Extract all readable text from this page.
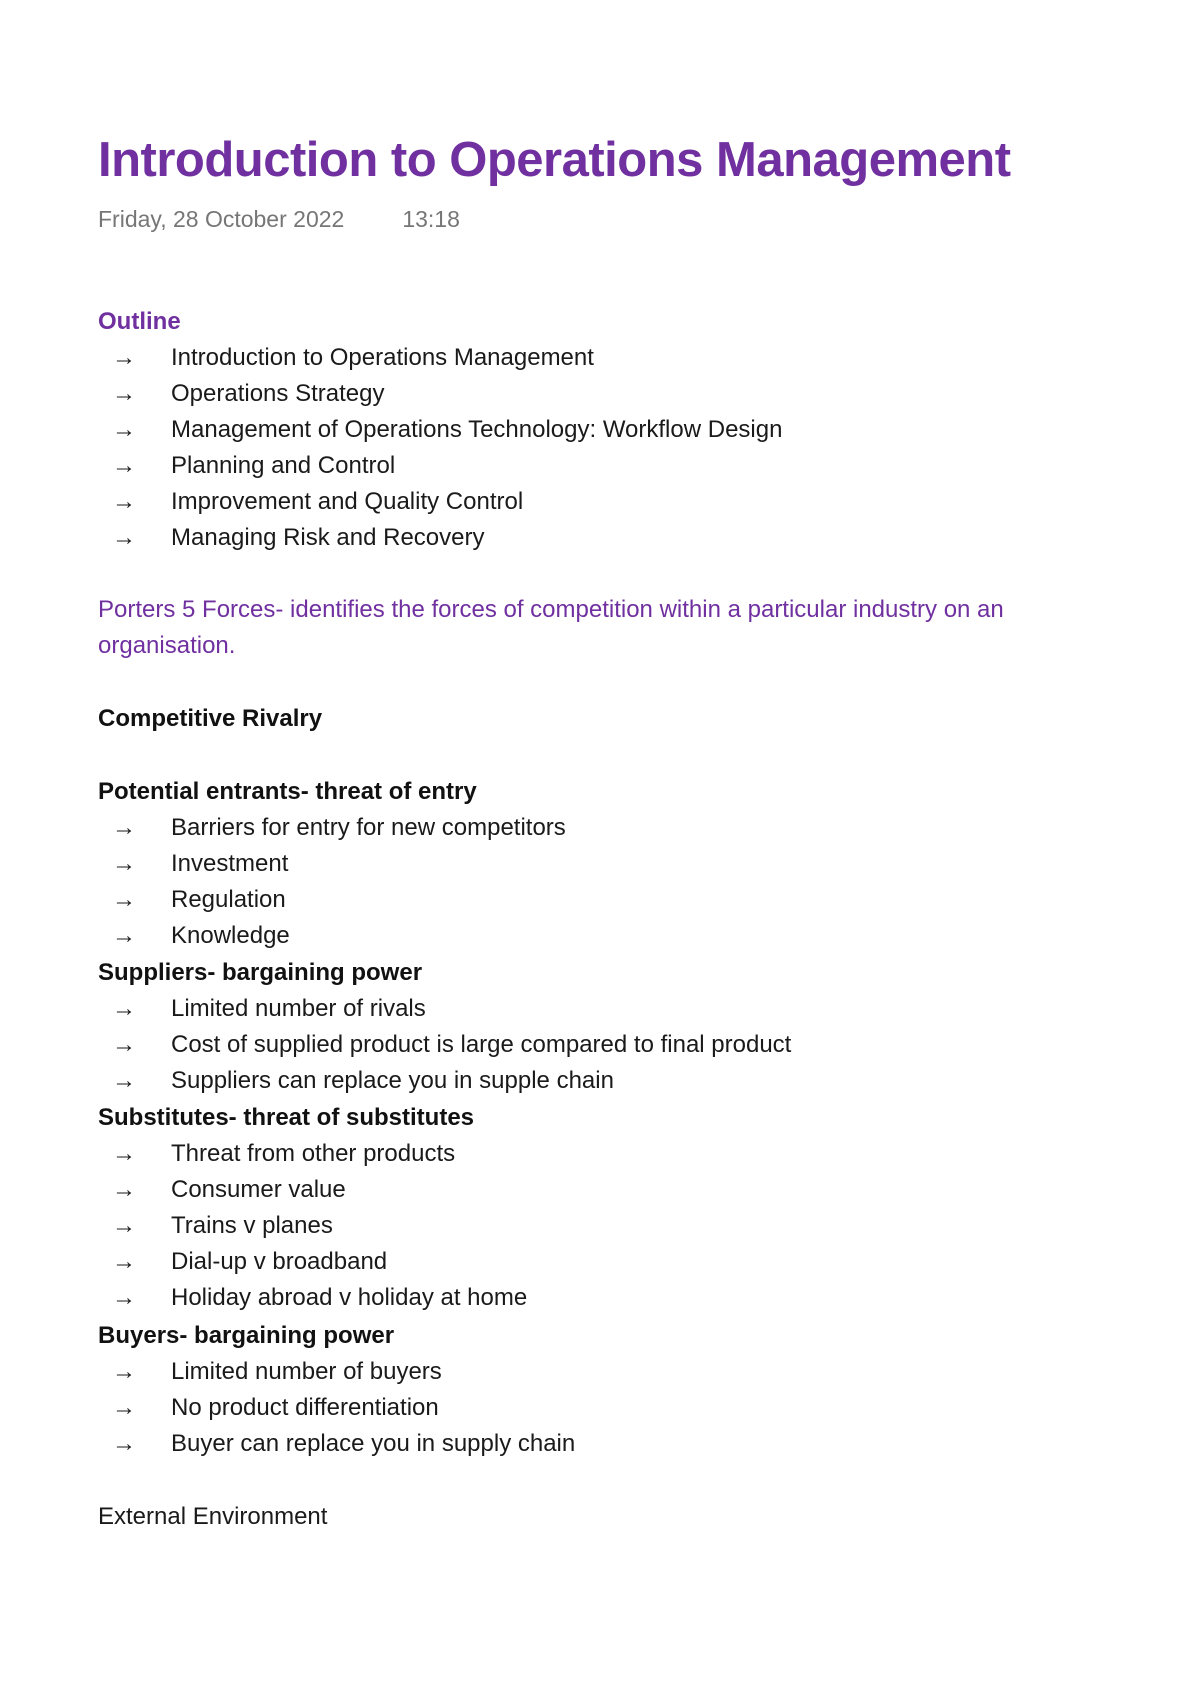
Introduction to Operations Management
Friday, 28 October 2022	13:18
Outline
→ Introduction to Operations Management
→ Operations Strategy
→ Management of Operations Technology: Workflow Design
→ Planning and Control
→ Improvement and Quality Control
→ Managing Risk and Recovery
Porters 5 Forces- identifies the forces of competition within a particular industry on an
organisation.
Competitive Rivalry
Potential entrants- threat of entry
→ Barriers for entry for new competitors
→ Investment
→ Regulation
→ Knowledge
Suppliers- bargaining power
→ Limited number of rivals
→ Cost of supplied product is large compared to final product
→ Suppliers can replace you in supple chain
Substitutes- threat of substitutes
→ Threat from other products
→ Consumer value
→ Trains v planes
→ Dial-up v broadband
→ Holiday abroad v holiday at home
Buyers- bargaining power
→ Limited number of buyers
→ No product differentiation
→ Buyer can replace you in supply chain
External Environment
